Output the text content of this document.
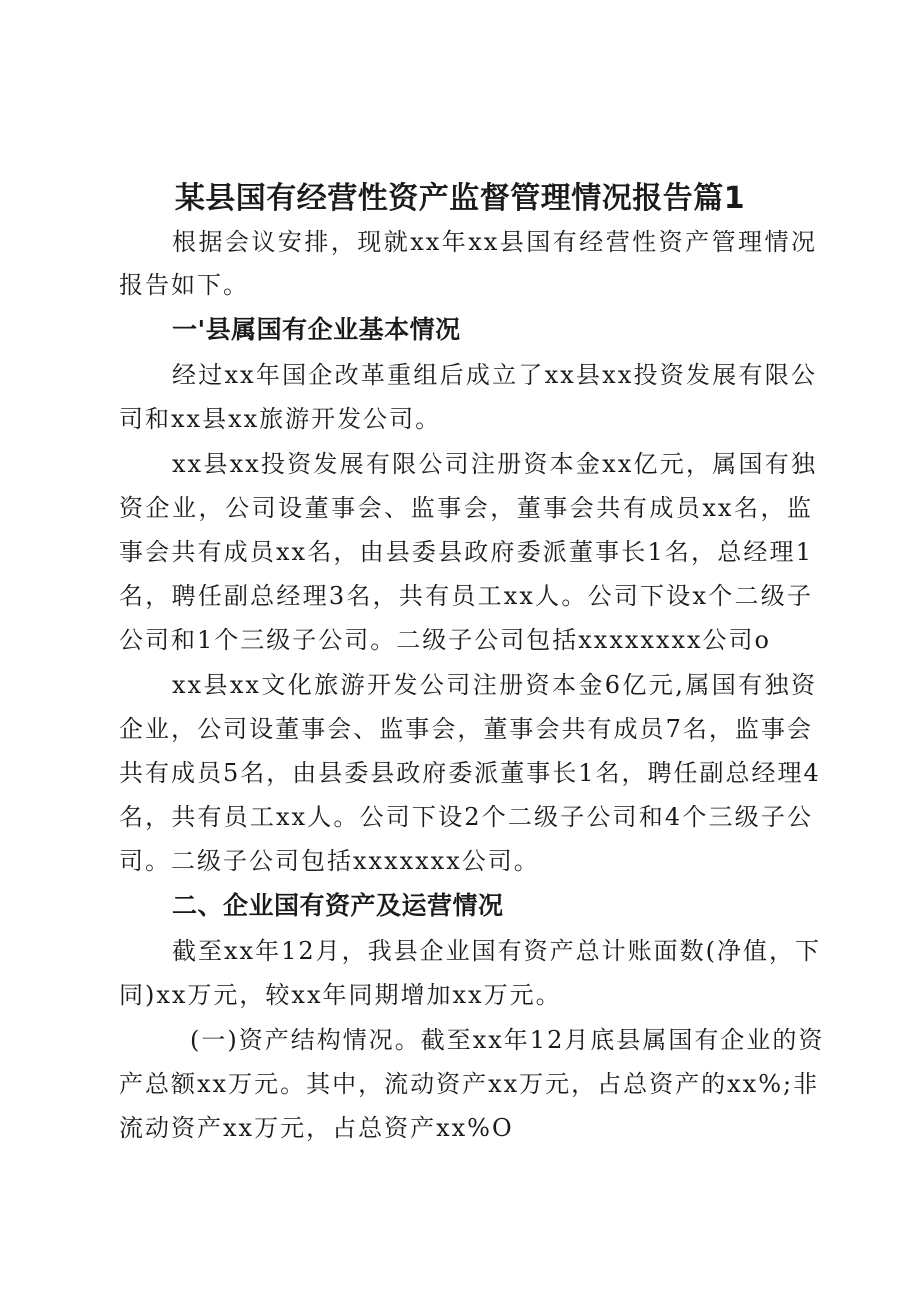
某县国有经营性资产监督管理情况报告篇1
根据会议安排，现就xx年xx县国有经营性资产管理情况
报告如下。
一'县属国有企业基本情况
经过xx年国企改革重组后成立了xx县xx投资发展有限公
司和xx县xx旅游开发公司。
xx县xx投资发展有限公司注册资本金xx亿元，属国有独
资企业，公司设董事会、监事会，董事会共有成员xx名，监
事会共有成员xx名，由县委县政府委派董事长1名，总经理1
名，聘任副总经理3名，共有员工xx人。公司下设x个二级子
公司和1个三级子公司。二级子公司包括xxxxxxxx公司o
xx县xx文化旅游开发公司注册资本金6亿元,属国有独资
企业，公司设董事会、监事会，董事会共有成员7名，监事会
共有成员5名，由县委县政府委派董事长1名，聘任副总经理4
名，共有员工xx人。公司下设2个二级子公司和4个三级子公
司。二级子公司包括xxxxxxx公司。
二、企业国有资产及运营情况
截至xx年12月，我县企业国有资产总计账面数(净值，下
同)xx万元，较xx年同期增加xx万元。
(一)资产结构情况。截至xx年12月底县属国有企业的资
产总额xx万元。其中，流动资产xx万元，占总资产的xx%;非
流动资产xx万元，占总资产xx%O
